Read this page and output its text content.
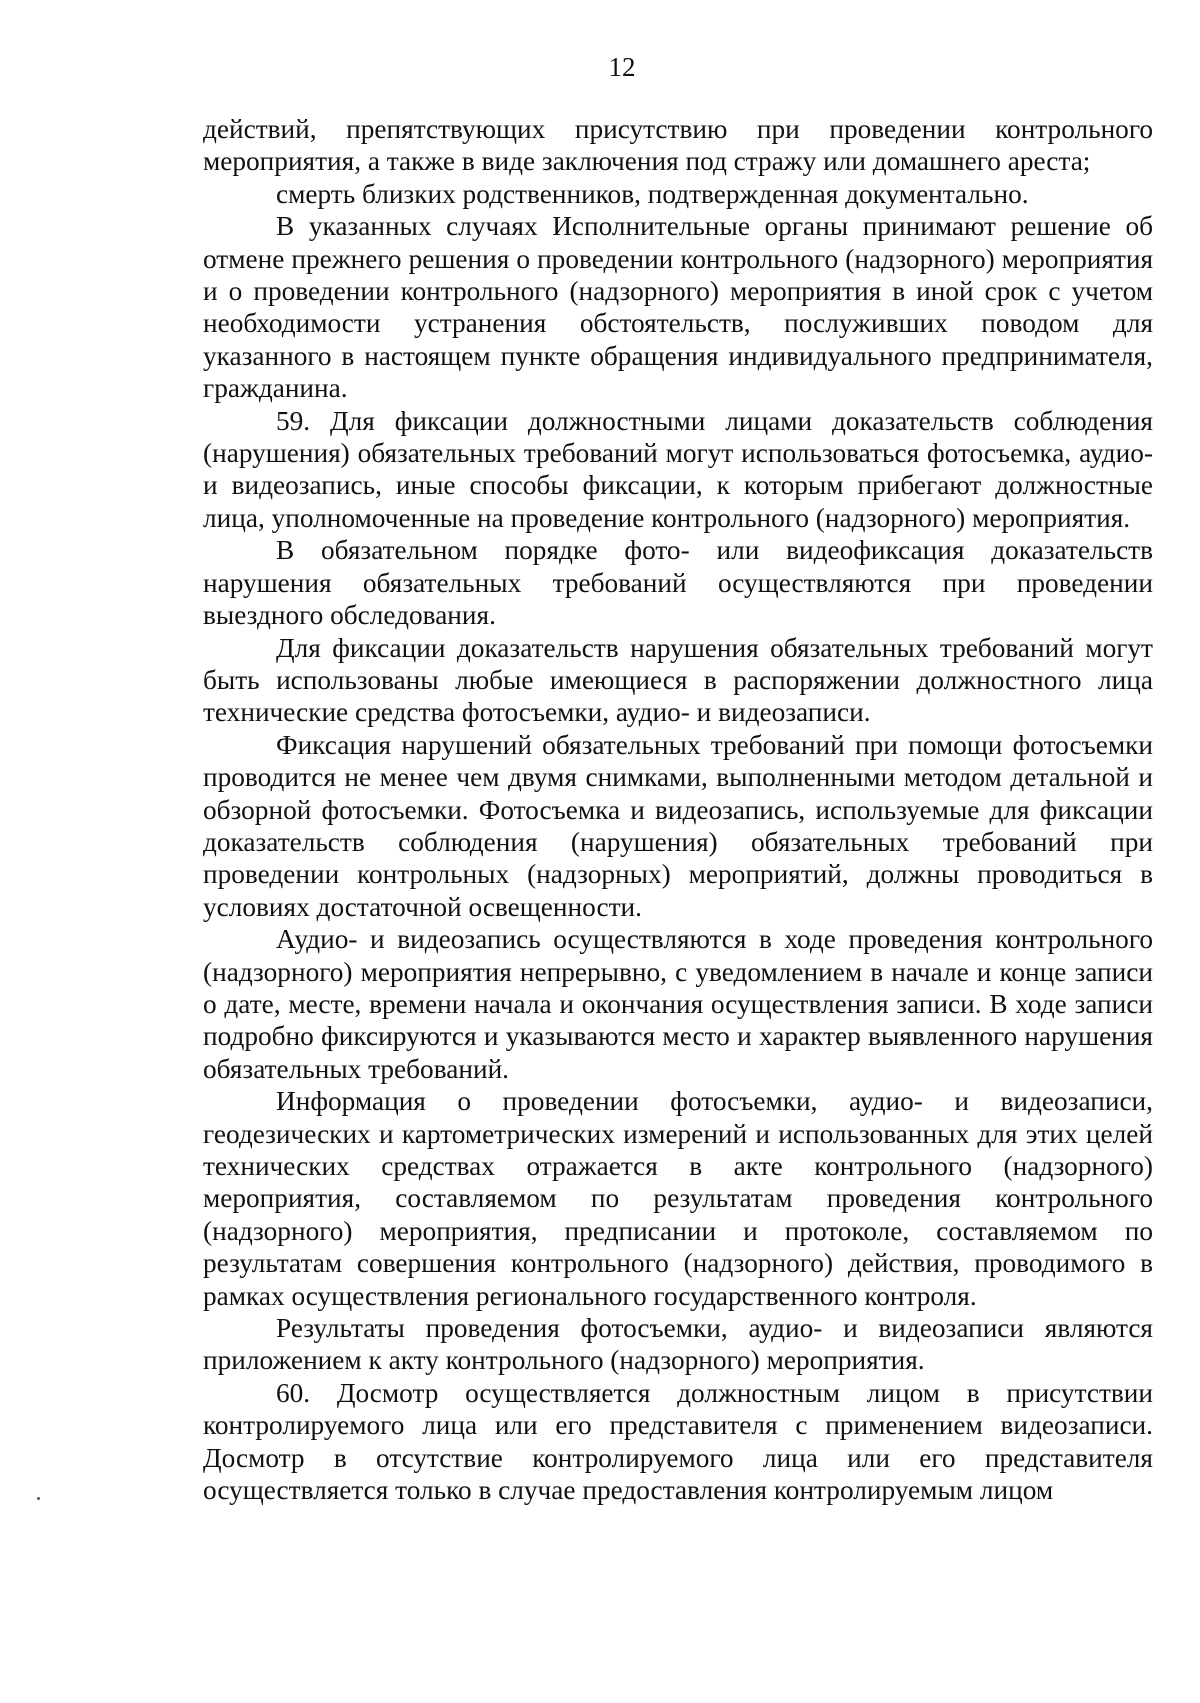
12

действий, препятствующих присутствию при проведении контрольного мероприятия, а также в виде заключения под стражу или домашнего ареста;

смерть близких родственников, подтвержденная документально.

В указанных случаях Исполнительные органы принимают решение об отмене прежнего решения о проведении контрольного (надзорного) мероприятия и о проведении контрольного (надзорного) мероприятия в иной срок с учетом необходимости устранения обстоятельств, послуживших поводом для указанного в настоящем пункте обращения индивидуального предпринимателя, гражданина.

59. Для фиксации должностными лицами доказательств соблюдения (нарушения) обязательных требований могут использоваться фотосъемка, аудио- и видеозапись, иные способы фиксации, к которым прибегают должностные лица, уполномоченные на проведение контрольного (надзорного) мероприятия.

В обязательном порядке фото- или видеофиксация доказательств нарушения обязательных требований осуществляются при проведении выездного обследования.

Для фиксации доказательств нарушения обязательных требований могут быть использованы любые имеющиеся в распоряжении должностного лица технические средства фотосъемки, аудио- и видеозаписи.

Фиксация нарушений обязательных требований при помощи фотосъемки проводится не менее чем двумя снимками, выполненными методом детальной и обзорной фотосъемки. Фотосъемка и видеозапись, используемые для фиксации доказательств соблюдения (нарушения) обязательных требований при проведении контрольных (надзорных) мероприятий, должны проводиться в условиях достаточной освещенности.

Аудио- и видеозапись осуществляются в ходе проведения контрольного (надзорного) мероприятия непрерывно, с уведомлением в начале и конце записи о дате, месте, времени начала и окончания осуществления записи. В ходе записи подробно фиксируются и указываются место и характер выявленного нарушения обязательных требований.

Информация о проведении фотосъемки, аудио- и видеозаписи, геодезических и картометрических измерений и использованных для этих целей технических средствах отражается в акте контрольного (надзорного) мероприятия, составляемом по результатам проведения контрольного (надзорного) мероприятия, предписании и протоколе, составляемом по результатам совершения контрольного (надзорного) действия, проводимого в рамках осуществления регионального государственного контроля.

Результаты проведения фотосъемки, аудио- и видеозаписи являются приложением к акту контрольного (надзорного) мероприятия.

60. Досмотр осуществляется должностным лицом в присутствии контролируемого лица или его представителя с применением видеозаписи. Досмотр в отсутствие контролируемого лица или его представителя осуществляется только в случае предоставления контролируемым лицом
